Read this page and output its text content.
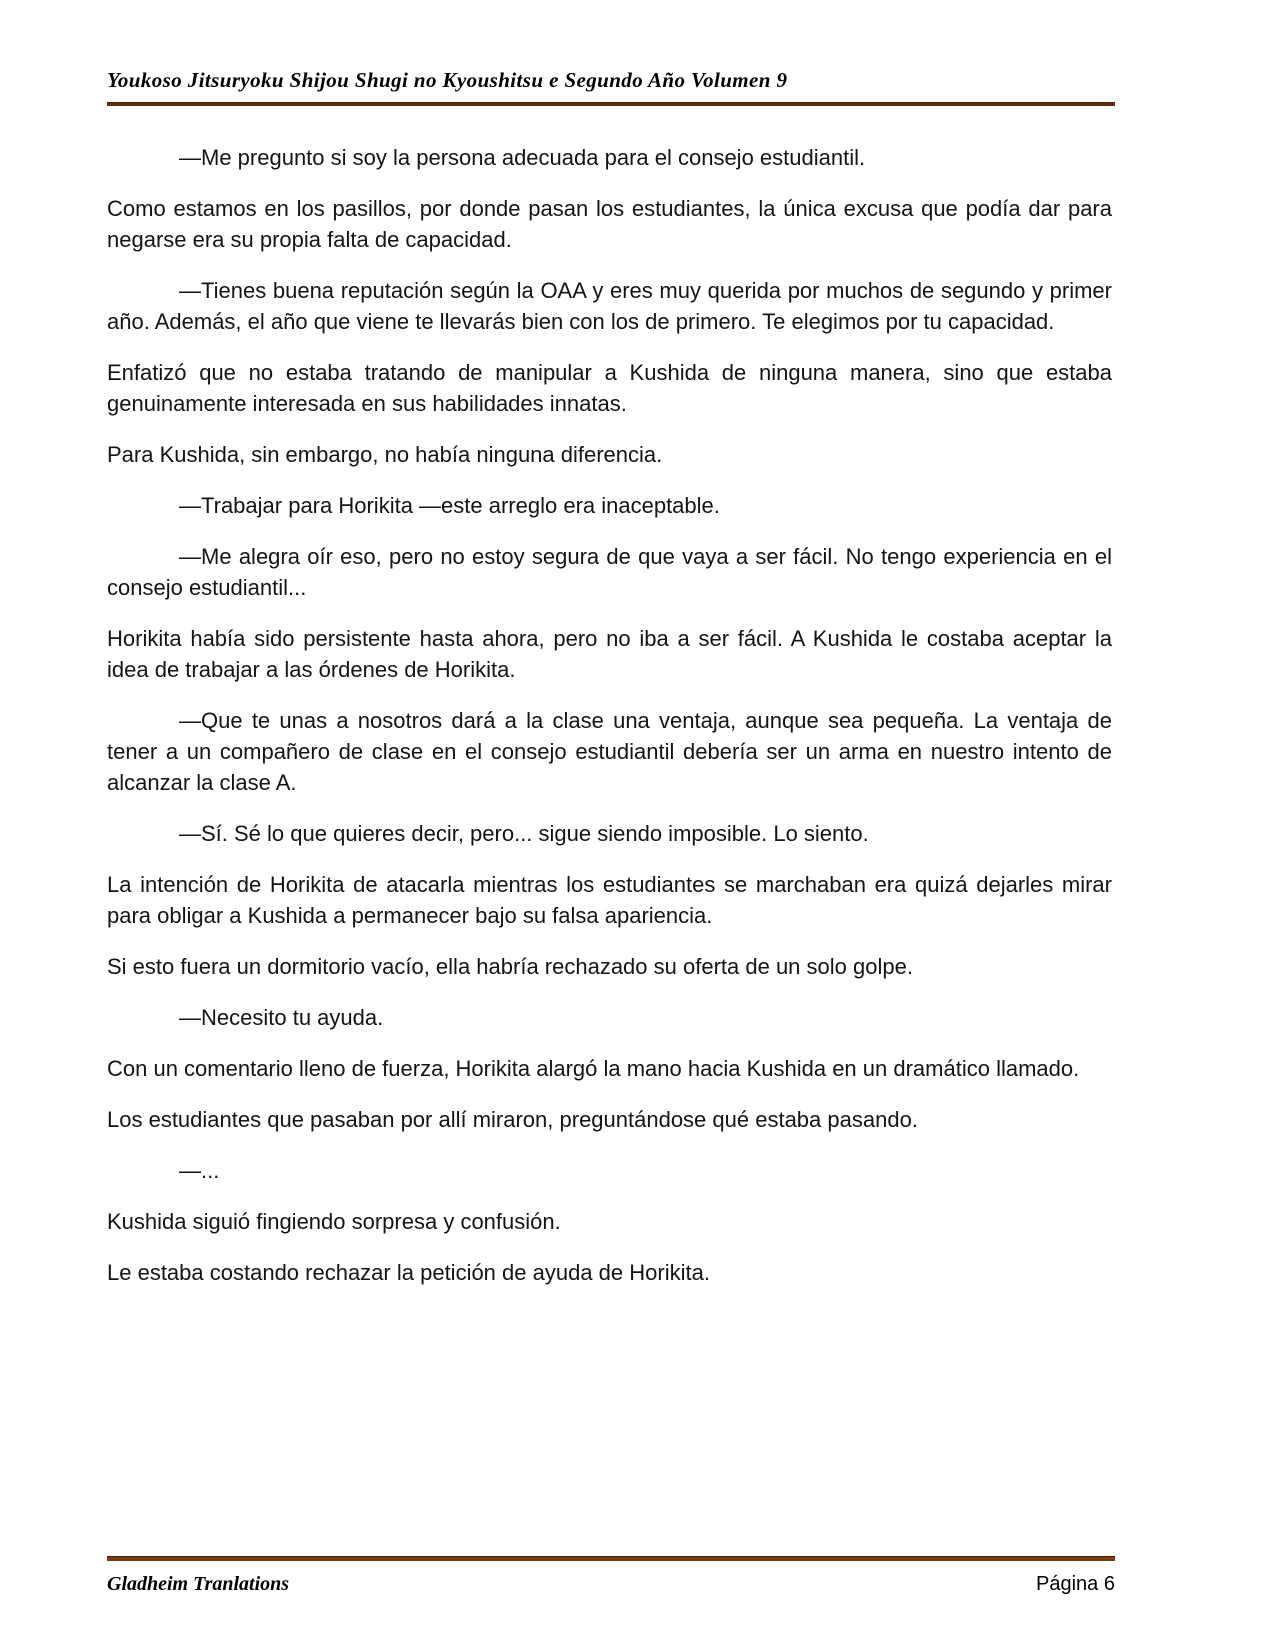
Youkoso Jitsuryoku Shijou Shugi no Kyoushitsu e Segundo Año Volumen 9

—Me pregunto si soy la persona adecuada para el consejo estudiantil.

Como estamos en los pasillos, por donde pasan los estudiantes, la única excusa que podía dar para negarse era su propia falta de capacidad.

—Tienes buena reputación según la OAA y eres muy querida por muchos de segundo y primer año. Además, el año que viene te llevarás bien con los de primero. Te elegimos por tu capacidad.

Enfatizó que no estaba tratando de manipular a Kushida de ninguna manera, sino que estaba genuinamente interesada en sus habilidades innatas.

Para Kushida, sin embargo, no había ninguna diferencia.

—Trabajar para Horikita —este arreglo era inaceptable.

—Me alegra oír eso, pero no estoy segura de que vaya a ser fácil. No tengo experiencia en el consejo estudiantil...

Horikita había sido persistente hasta ahora, pero no iba a ser fácil. A Kushida le costaba aceptar la idea de trabajar a las órdenes de Horikita.

—Que te unas a nosotros dará a la clase una ventaja, aunque sea pequeña. La ventaja de tener a un compañero de clase en el consejo estudiantil debería ser un arma en nuestro intento de alcanzar la clase A.

—Sí. Sé lo que quieres decir, pero... sigue siendo imposible. Lo siento.

La intención de Horikita de atacarla mientras los estudiantes se marchaban era quizá dejarles mirar para obligar a Kushida a permanecer bajo su falsa apariencia.

Si esto fuera un dormitorio vacío, ella habría rechazado su oferta de un solo golpe.

—Necesito tu ayuda.

Con un comentario lleno de fuerza, Horikita alargó la mano hacia Kushida en un dramático llamado.

Los estudiantes que pasaban por allí miraron, preguntándose qué estaba pasando.

—...

Kushida siguió fingiendo sorpresa y confusión.

Le estaba costando rechazar la petición de ayuda de Horikita.

Gladheim Tranlations	Página 6
